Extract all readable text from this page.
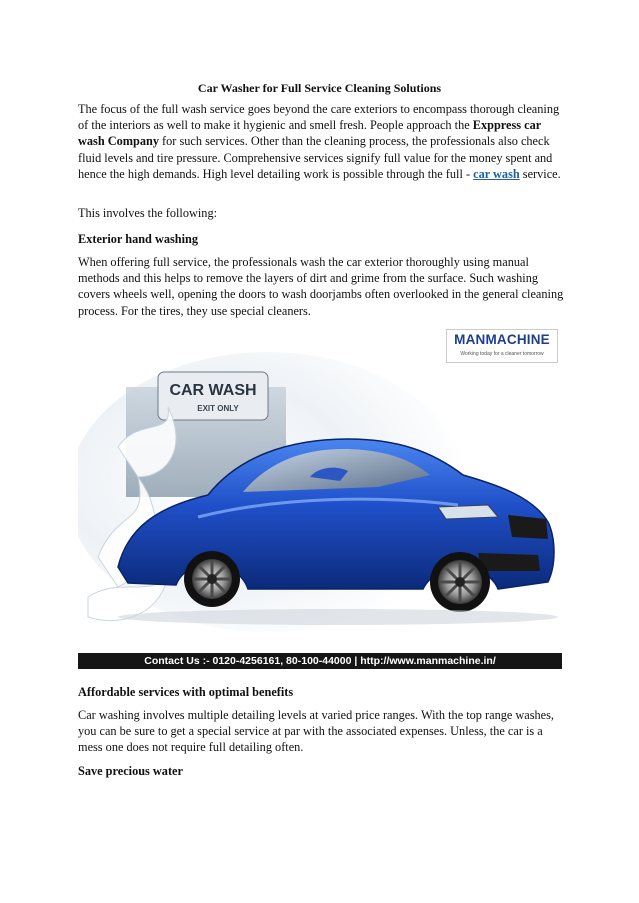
Car Washer for Full Service Cleaning Solutions

The focus of the full wash service goes beyond the care exteriors to encompass thorough cleaning of the interiors as well to make it hygienic and smell fresh. People approach the Exppress car wash Company for such services. Other than the cleaning process, the professionals also check fluid levels and tire pressure. Comprehensive services signify full value for the money spent and hence the high demands. High level detailing work is possible through the full - car wash service.

This involves the following:

Exterior hand washing

When offering full service, the professionals wash the car exterior thoroughly using manual methods and this helps to remove the layers of dirt and grime from the surface. Such washing covers wheels well, opening the doors to wash doorjambs often overlooked in the general cleaning process. For the tires, they use special cleaners.

CAR WASH
EXIT ONLY
MANMACHINE
Working today for a cleaner tomorrow
Contact Us :- 0120-4256161, 80-100-44000 | http://www.manmachine.in/

Affordable services with optimal benefits

Car washing involves multiple detailing levels at varied price ranges. With the top range washes, you can be sure to get a special service at par with the associated expenses. Unless, the car is a mess one does not require full detailing often.

Save precious water
